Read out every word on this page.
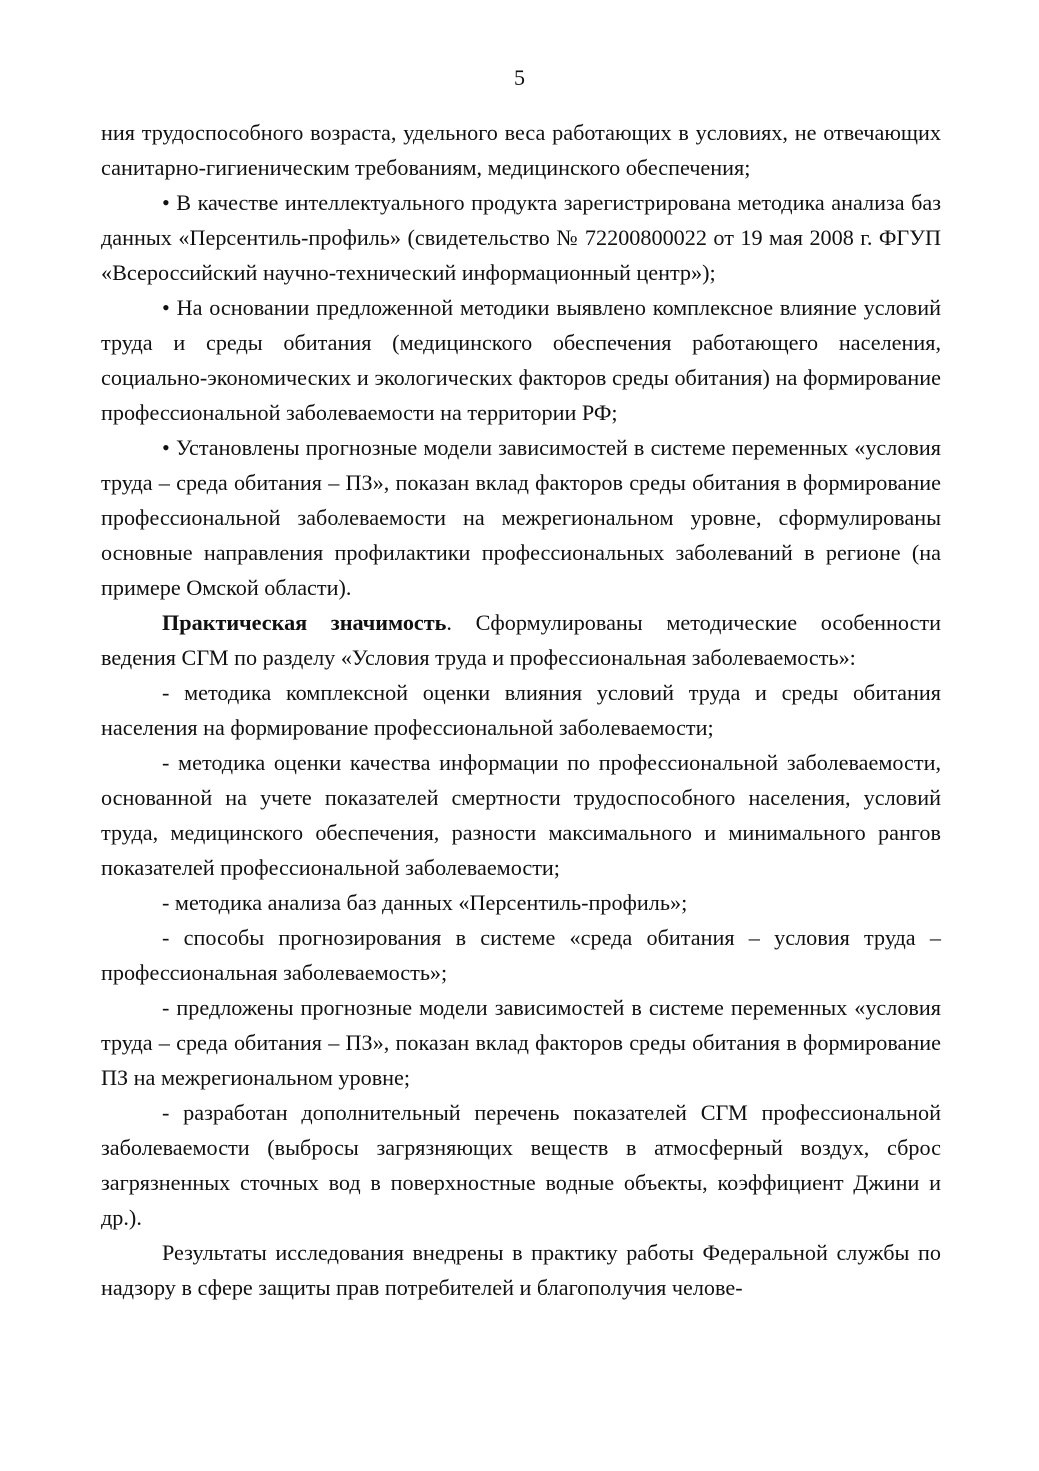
5

ния трудоспособного возраста, удельного веса работающих в условиях, не отвечающих санитарно-гигиеническим требованиям, медицинского обеспечения;

• В качестве интеллектуального продукта зарегистрирована методика анализа баз данных «Персентиль-профиль» (свидетельство № 72200800022 от 19 мая 2008 г. ФГУП «Всероссийский научно-технический информационный центр»);

• На основании предложенной методики выявлено комплексное влияние условий труда и среды обитания (медицинского обеспечения работающего населения, социально-экономических и экологических факторов среды обитания) на формирование профессиональной заболеваемости на территории РФ;

• Установлены прогнозные модели зависимостей в системе переменных «условия труда – среда обитания – ПЗ», показан вклад факторов среды обитания в формирование профессиональной заболеваемости на межрегиональном уровне, сформулированы основные направления профилактики профессиональных заболеваний в регионе (на примере Омской области).

Практическая значимость. Сформулированы методические особенности ведения СГМ по разделу «Условия труда и профессиональная заболеваемость»:

- методика комплексной оценки влияния условий труда и среды обитания населения на формирование профессиональной заболеваемости;

- методика оценки качества информации по профессиональной заболеваемости, основанной на учете показателей смертности трудоспособного населения, условий труда, медицинского обеспечения, разности максимального и минимального рангов показателей профессиональной заболеваемости;

- методика анализа баз данных «Персентиль-профиль»;

- способы прогнозирования в системе «среда обитания – условия труда – профессиональная заболеваемость»;

- предложены прогнозные модели зависимостей в системе переменных «условия труда – среда обитания – ПЗ», показан вклад факторов среды обитания в формирование ПЗ на межрегиональном уровне;

- разработан дополнительный перечень показателей СГМ профессиональной заболеваемости (выбросы загрязняющих веществ в атмосферный воздух, сброс загрязненных сточных вод в поверхностные водные объекты, коэффициент Джини и др.).

Результаты исследования внедрены в практику работы Федеральной службы по надзору в сфере защиты прав потребителей и благополучия челове-
